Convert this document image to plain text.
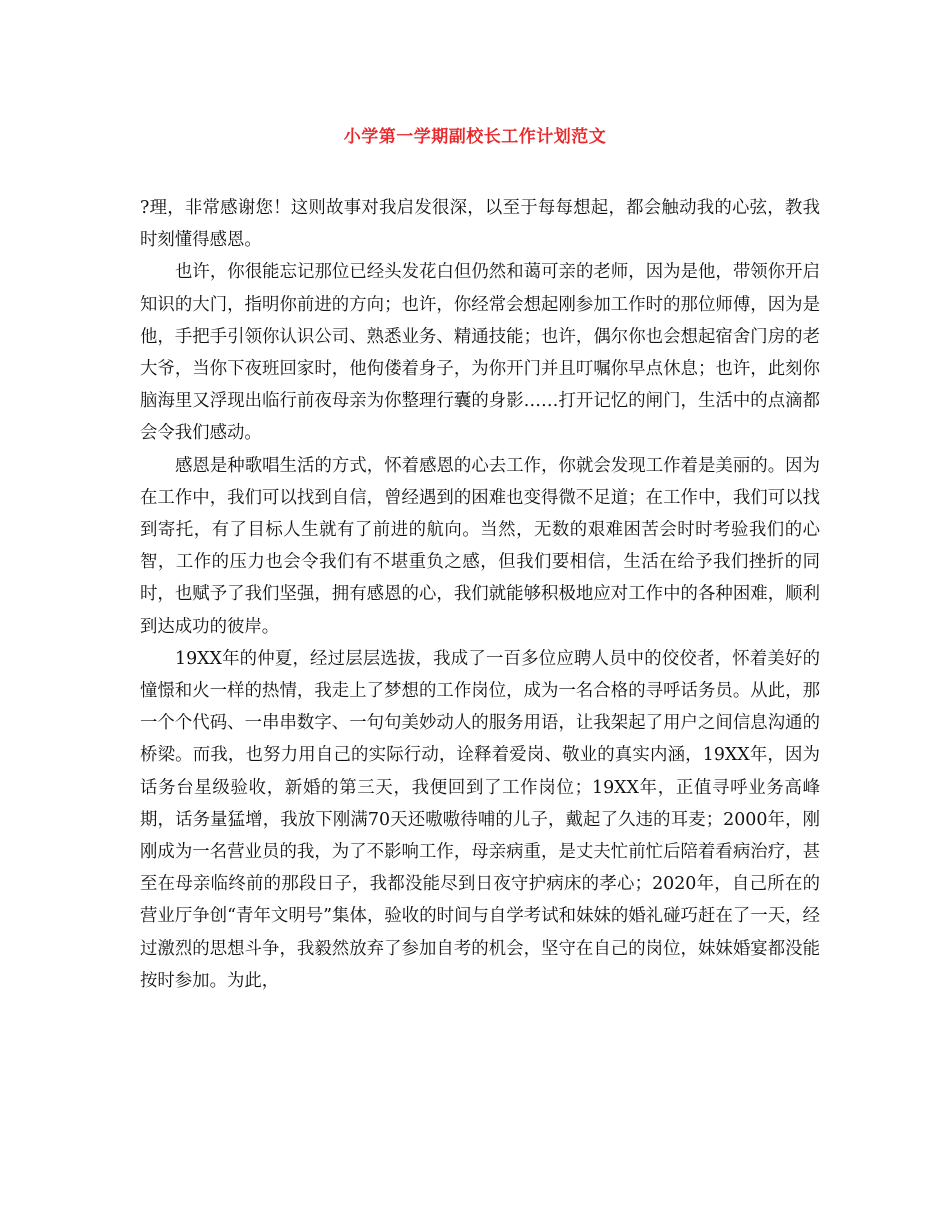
小学第一学期副校长工作计划范文

?理，非常感谢您！这则故事对我启发很深，以至于每每想起，都会触动我的心弦，教我时刻懂得感恩。

也许，你很能忘记那位已经头发花白但仍然和蔼可亲的老师，因为是他，带领你开启知识的大门，指明你前进的方向；也许，你经常会想起刚参加工作时的那位师傅，因为是他，手把手引领你认识公司、熟悉业务、精通技能；也许，偶尔你也会想起宿舍门房的老大爷，当你下夜班回家时，他佝偻着身子，为你开门并且叮嘱你早点休息；也许，此刻你脑海里又浮现出临行前夜母亲为你整理行囊的身影……打开记忆的闸门，生活中的点滴都会令我们感动。

感恩是种歌唱生活的方式，怀着感恩的心去工作，你就会发现工作着是美丽的。因为在工作中，我们可以找到自信，曾经遇到的困难也变得微不足道；在工作中，我们可以找到寄托，有了目标人生就有了前进的航向。当然，无数的艰难困苦会时时考验我们的心智，工作的压力也会令我们有不堪重负之感，但我们要相信，生活在给予我们挫折的同时，也赋予了我们坚强，拥有感恩的心，我们就能够积极地应对工作中的各种困难，顺利到达成功的彼岸。

19XX年的仲夏，经过层层选拔，我成了一百多位应聘人员中的佼佼者，怀着美好的憧憬和火一样的热情，我走上了梦想的工作岗位，成为一名合格的寻呼话务员。从此，那一个个代码、一串串数字、一句句美妙动人的服务用语，让我架起了用户之间信息沟通的桥梁。而我，也努力用自己的实际行动，诠释着爱岗、敬业的真实内涵，19XX年，因为话务台星级验收，新婚的第三天，我便回到了工作岗位；19XX年，正值寻呼业务高峰期，话务量猛增，我放下刚满70天还嗷嗷待哺的儿子，戴起了久违的耳麦；2000年，刚刚成为一名营业员的我，为了不影响工作，母亲病重，是丈夫忙前忙后陪着看病治疗，甚至在母亲临终前的那段日子，我都没能尽到日夜守护病床的孝心；2020年，自己所在的营业厅争创“青年文明号”集体，验收的时间与自学考试和妹妹的婚礼碰巧赶在了一天，经过激烈的思想斗争，我毅然放弃了参加自考的机会，坚守在自己的岗位，妹妹婚宴都没能按时参加。为此，
